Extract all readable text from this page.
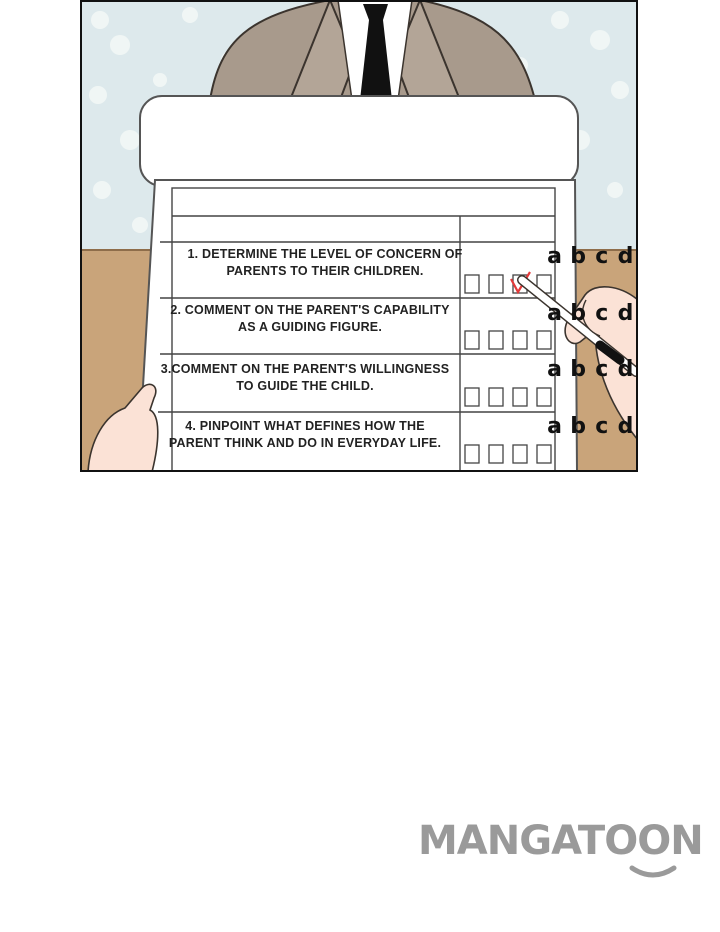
1. DETERMINE THE LEVEL OF CONCERN OF PARENTS TO THEIR CHILDREN.
2. COMMENT ON THE PARENT'S CAPABILITY AS A GUIDING FIGURE.
3.COMMENT ON THE PARENT'S WILLINGNESS TO GUIDE THE CHILD.
4. PINPOINT WHAT DEFINES HOW THE PARENT THINK AND DO IN EVERYDAY LIFE.
a b c d
a b c d
a b c d
a b c d
MANGATOON
